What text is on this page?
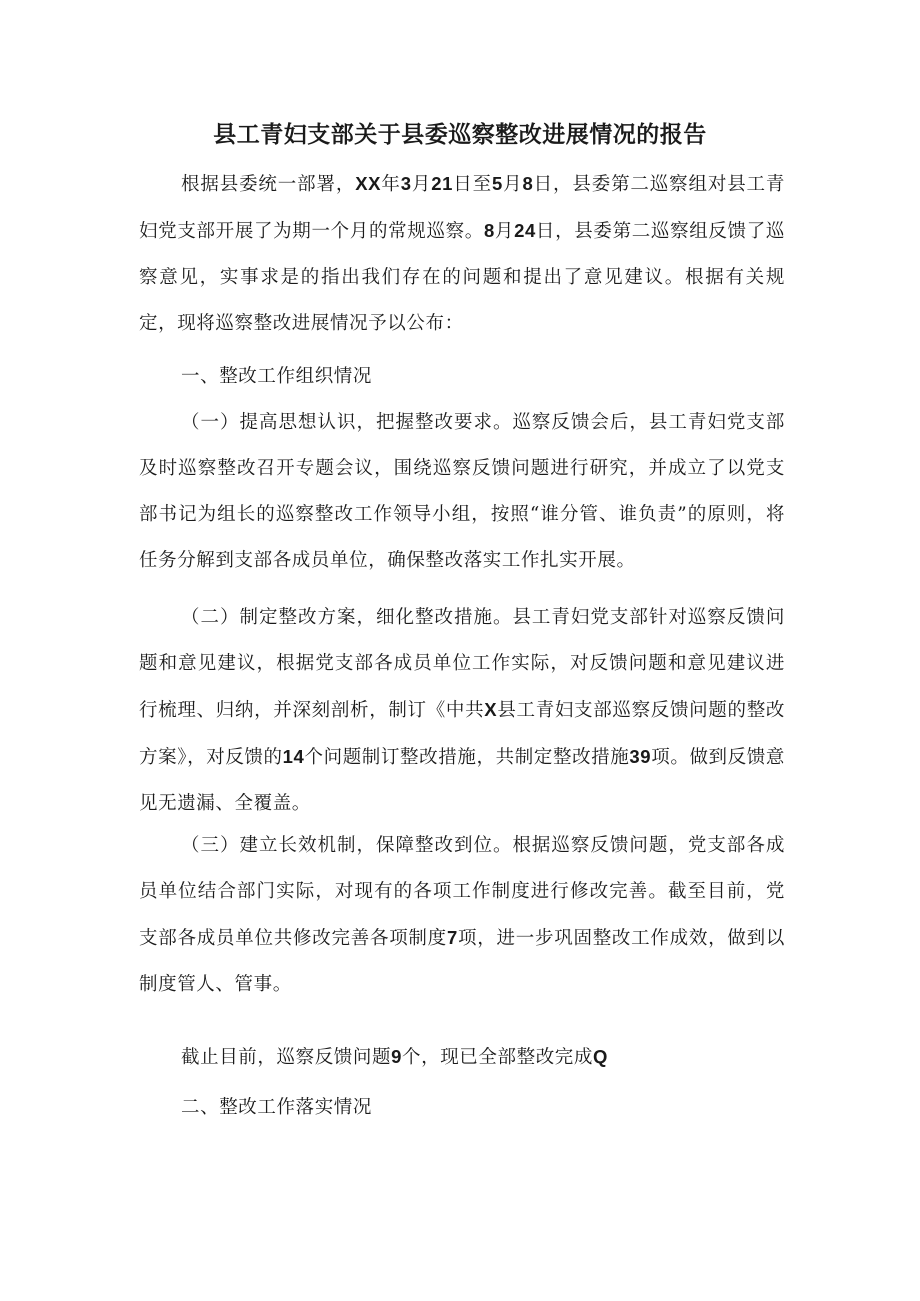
县工青妇支部关于县委巡察整改进展情况的报告

根据县委统一部署，XX年3月21日至5月8日，县委第二巡察组对县工青妇党支部开展了为期一个月的常规巡察。8月24日，县委第二巡察组反馈了巡察意见，实事求是的指出我们存在的问题和提出了意见建议。根据有关规定，现将巡察整改进展情况予以公布：

一、整改工作组织情况

（一）提高思想认识，把握整改要求。巡察反馈会后，县工青妇党支部及时巡察整改召开专题会议，围绕巡察反馈问题进行研究，并成立了以党支部书记为组长的巡察整改工作领导小组，按照“谁分管、谁负责”的原则，将任务分解到支部各成员单位，确保整改落实工作扎实开展。

（二）制定整改方案，细化整改措施。县工青妇党支部针对巡察反馈问题和意见建议，根据党支部各成员单位工作实际，对反馈问题和意见建议进行梳理、归纳，并深刻剖析，制订《中共X县工青妇支部巡察反馈问题的整改方案》，对反馈的14个问题制订整改措施，共制定整改措施39项。做到反馈意见无遗漏、全覆盖。

（三）建立长效机制，保障整改到位。根据巡察反馈问题，党支部各成员单位结合部门实际，对现有的各项工作制度进行修改完善。截至目前，党支部各成员单位共修改完善各项制度7项，进一步巩固整改工作成效，做到以制度管人、管事。

截止目前，巡察反馈问题9个，现已全部整改完成Q

二、整改工作落实情况
